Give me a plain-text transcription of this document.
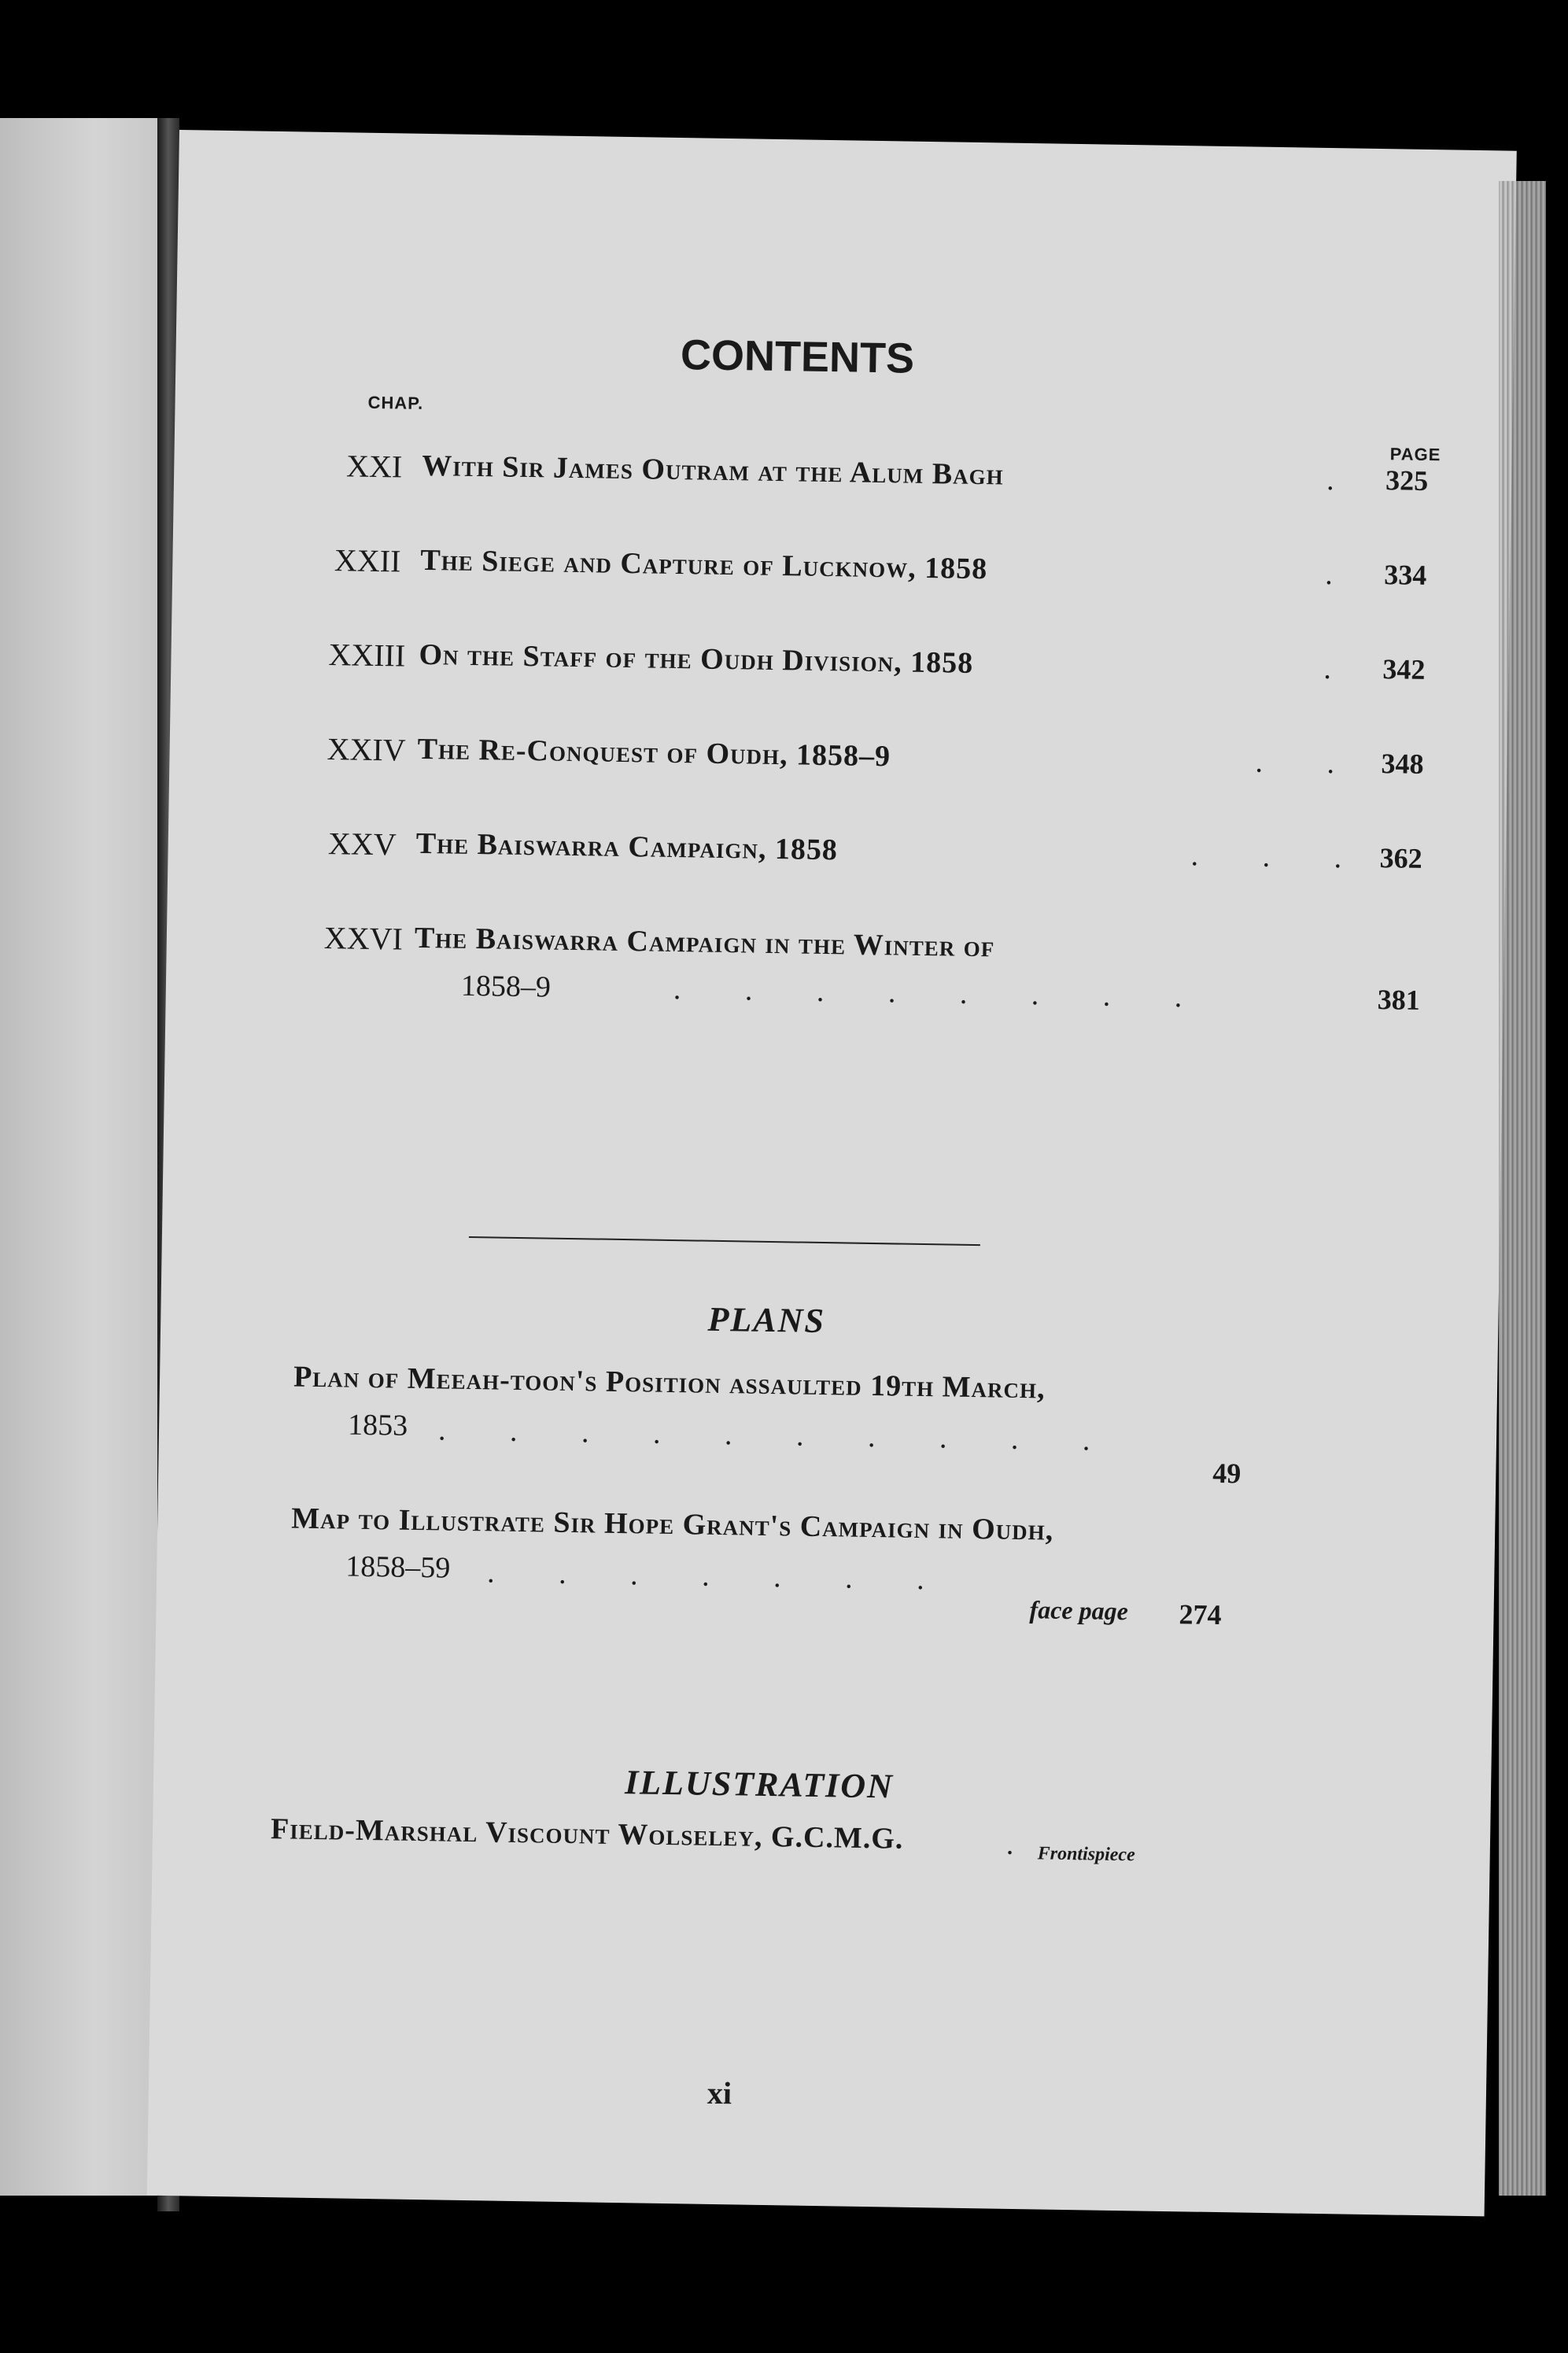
CONTENTS
CHAP.
PAGE
XXI With Sir James Outram at the Alum Bagh	. 325
XXII The Siege and Capture of Lucknow, 1858	. 334
XXIII On the Staff of the Oudh Division, 1858	. 342
XXIV The Re-Conquest of Oudh, 1858–9	. . 348
XXV The Baiswarra Campaign, 1858	. . . 362
XXVI The Baiswarra Campaign in the Winter of
1858–9	. . . . . . . .	381
PLANS
Plan of Meeah-toon's Position assaulted 19th March,
1853 . . . . . . . . . .
49
Map to Illustrate Sir Hope Grant's Campaign in Oudh,
1858–59 . . . . . . .
face page 274
ILLUSTRATION
Field-Marshal Viscount Wolseley, G.C.M.G.	.
Frontispiece
xi
